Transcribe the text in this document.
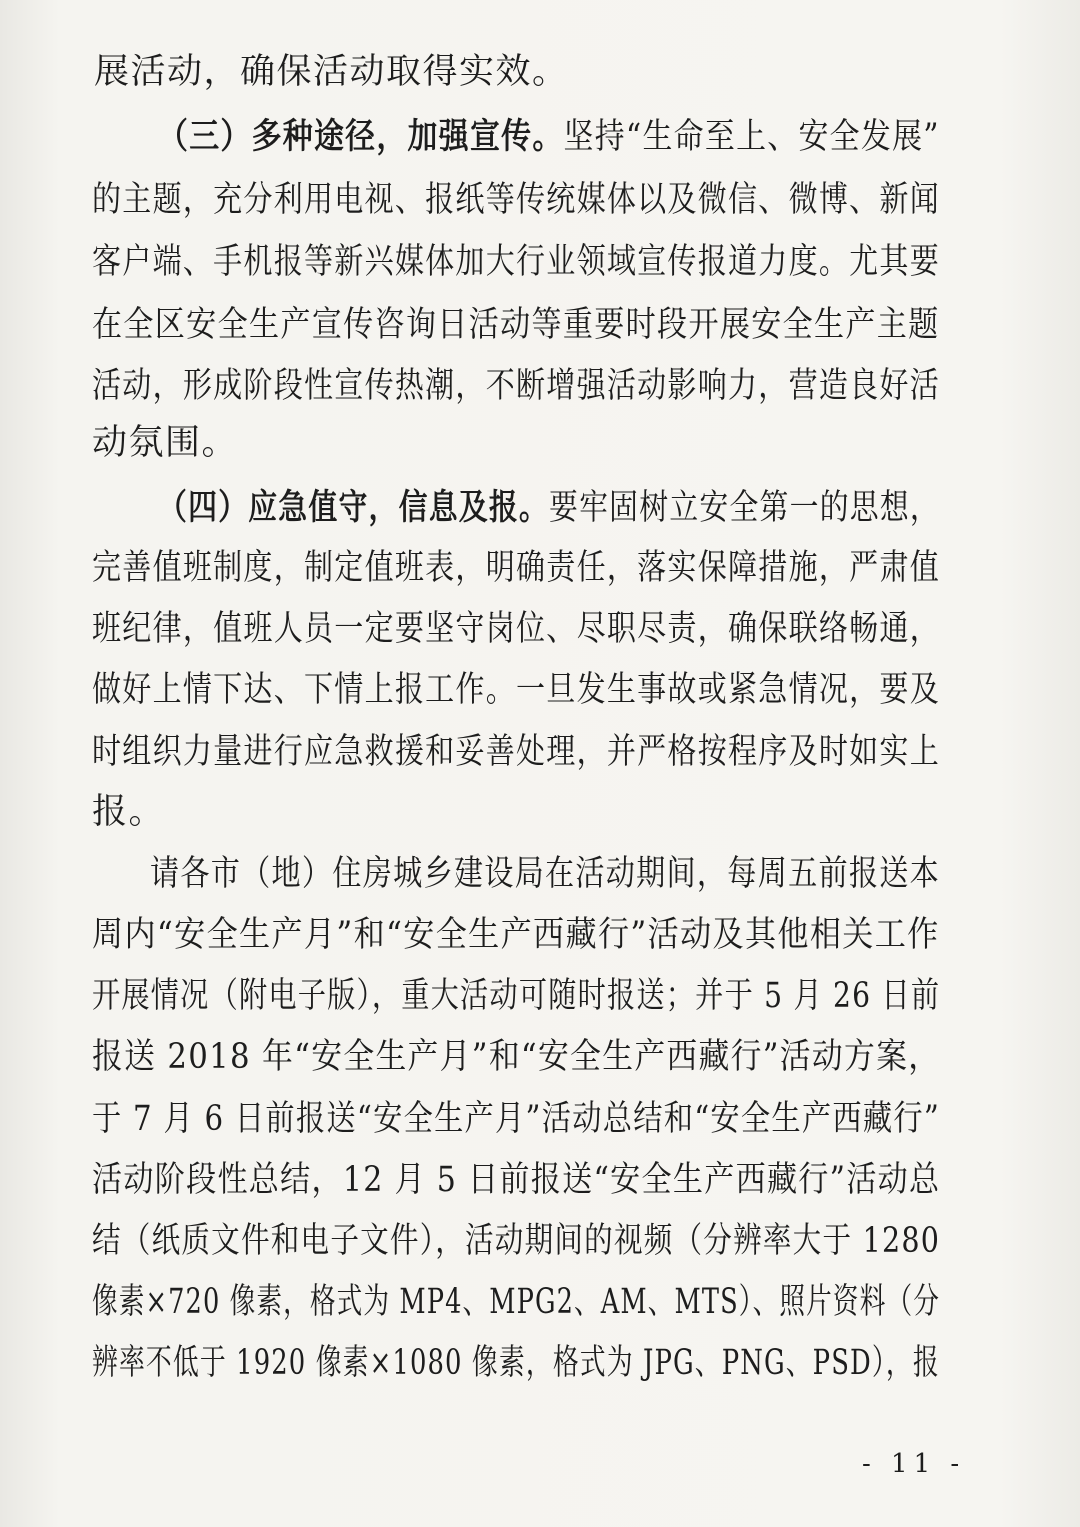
展活动，确保活动取得实效。
（三）多种途径，加强宣传。坚持“生命至上、安全发展”
的主题，充分利用电视、报纸等传统媒体以及微信、微博、新闻
客户端、手机报等新兴媒体加大行业领域宣传报道力度。尤其要
在全区安全生产宣传咨询日活动等重要时段开展安全生产主题
活动，形成阶段性宣传热潮，不断增强活动影响力，营造良好活
动氛围。
（四）应急值守，信息及报。要牢固树立安全第一的思想，
完善值班制度，制定值班表，明确责任，落实保障措施，严肃值
班纪律，值班人员一定要坚守岗位、尽职尽责，确保联络畅通，
做好上情下达、下情上报工作。一旦发生事故或紧急情况，要及
时组织力量进行应急救援和妥善处理，并严格按程序及时如实上
报。
请各市（地）住房城乡建设局在活动期间，每周五前报送本
周内“安全生产月”和“安全生产西藏行”活动及其他相关工作
开展情况（附电子版），重大活动可随时报送；并于 5 月 26 日前
报送 2018 年“安全生产月”和“安全生产西藏行”活动方案，
于 7 月 6 日前报送“安全生产月”活动总结和“安全生产西藏行”
活动阶段性总结，12 月 5 日前报送“安全生产西藏行”活动总
结（纸质文件和电子文件），活动期间的视频（分辨率大于 1280
像素×720 像素，格式为 MP4、MPG2、AM、MTS）、照片资料（分
辨率不低于 1920 像素×1080 像素，格式为 JPG、PNG、PSD），报
- 11 -
